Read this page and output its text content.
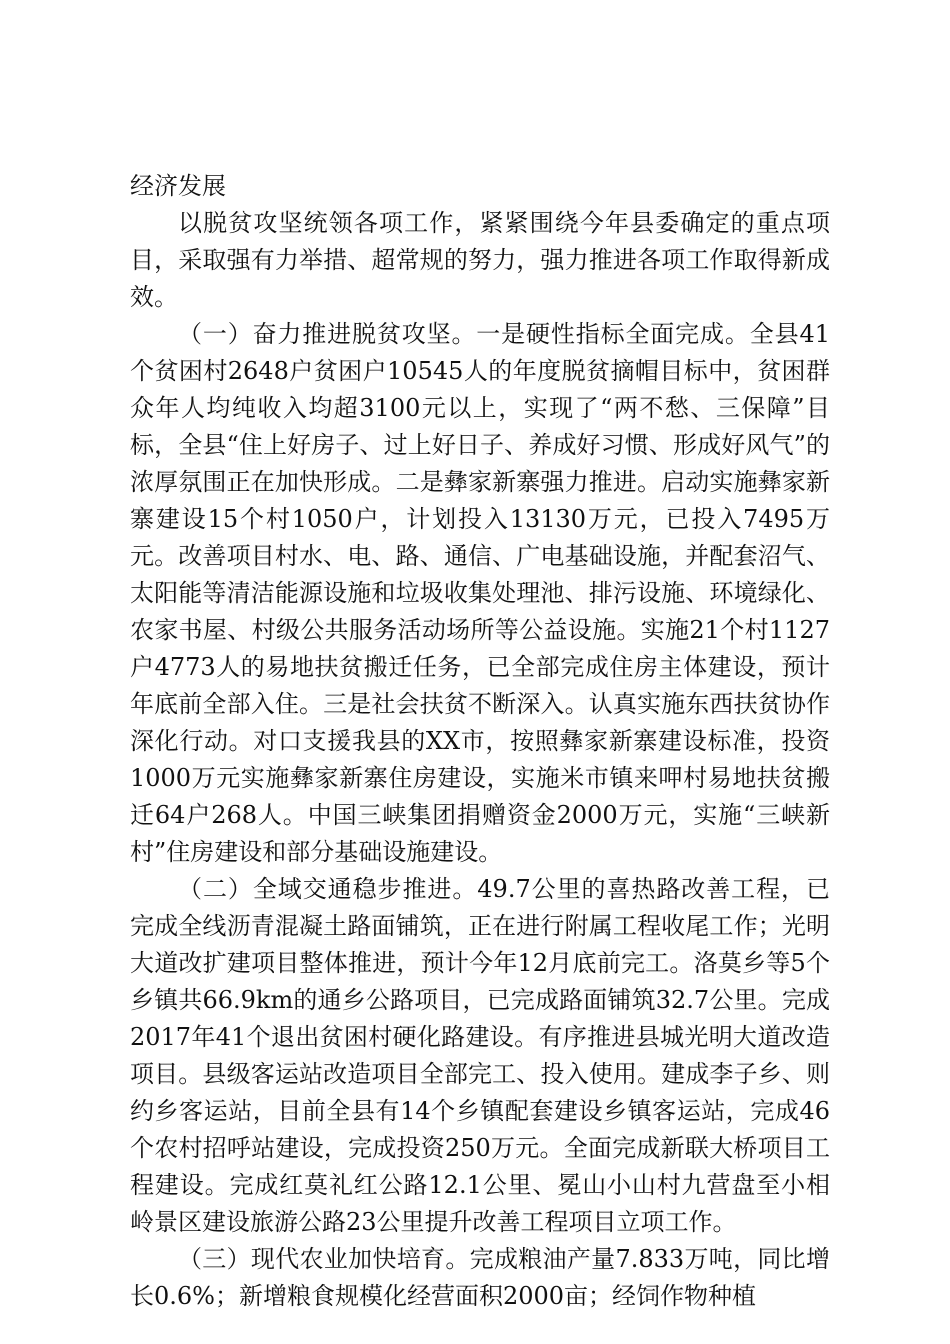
经济发展

以脱贫攻坚统领各项工作，紧紧围绕今年县委确定的重点项目，采取强有力举措、超常规的努力，强力推进各项工作取得新成效。

（一）奋力推进脱贫攻坚。一是硬性指标全面完成。全县41个贫困村2648户贫困户10545人的年度脱贫摘帽目标中，贫困群众年人均纯收入均超3100元以上，实现了“两不愁、三保障”目标，全县“住上好房子、过上好日子、养成好习惯、形成好风气”的浓厚氛围正在加快形成。二是彝家新寨强力推进。启动实施彝家新寨建设15个村1050户，计划投入13130万元，已投入7495万元。改善项目村水、电、路、通信、广电基础设施，并配套沼气、太阳能等清洁能源设施和垃圾收集处理池、排污设施、环境绿化、农家书屋、村级公共服务活动场所等公益设施。实施21个村1127户4773人的易地扶贫搬迁任务，已全部完成住房主体建设，预计年底前全部入住。三是社会扶贫不断深入。认真实施东西扶贫协作深化行动。对口支援我县的XX市，按照彝家新寨建设标准，投资1000万元实施彝家新寨住房建设，实施米市镇来呷村易地扶贫搬迁64户268人。中国三峡集团捐赠资金2000万元，实施“三峡新村”住房建设和部分基础设施建设。

（二）全域交通稳步推进。49.7公里的喜热路改善工程，已完成全线沥青混凝土路面铺筑，正在进行附属工程收尾工作；光明大道改扩建项目整体推进，预计今年12月底前完工。洛莫乡等5个乡镇共66.9km的通乡公路项目，已完成路面铺筑32.7公里。完成2017年41个退出贫困村硬化路建设。有序推进县城光明大道改造项目。县级客运站改造项目全部完工、投入使用。建成李子乡、则约乡客运站，目前全县有14个乡镇配套建设乡镇客运站，完成46个农村招呼站建设，完成投资250万元。全面完成新联大桥项目工程建设。完成红莫礼红公路12.1公里、冕山小山村九营盘至小相岭景区建设旅游公路23公里提升改善工程项目立项工作。

（三）现代农业加快培育。完成粮油产量7.833万吨，同比增长0.6%；新增粮食规模化经营面积2000亩；经饲作物种植
